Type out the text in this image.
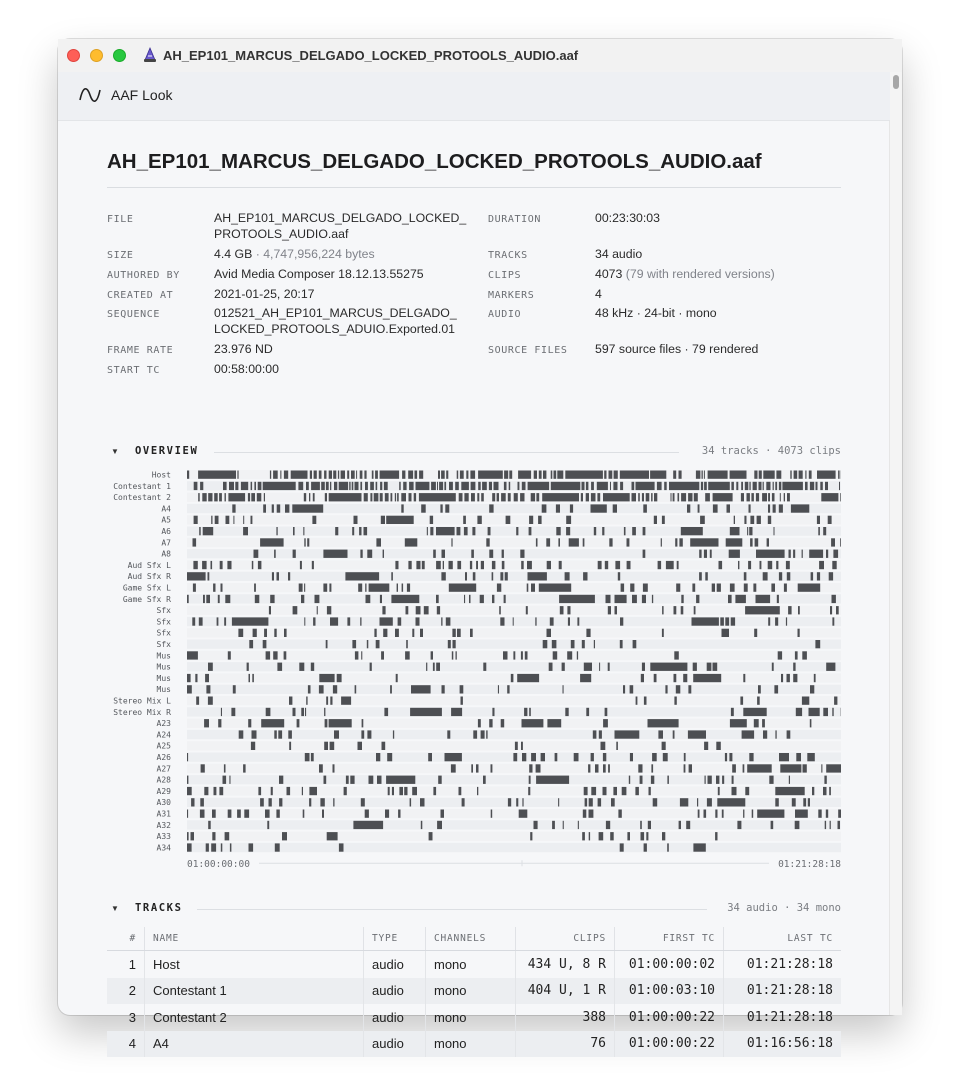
AH_EP101_MARCUS_DELGADO_LOCKED_PROTOOLS_AUDIO.aaf
AAF Look
AH_EP101_MARCUS_DELGADO_LOCKED_PROTOOLS_AUDIO.aaf
FILE	AH_EP101_MARCUS_DELGADO_LOCKED_
PROTOOLS_AUDIO.aaf
SIZE	4.4 GB · 4,747,956,224 bytes
AUTHORED BY	Avid Media Composer 18.12.13.55275
CREATED AT	2021-01-25, 20:17
SEQUENCE	012521_AH_EP101_MARCUS_DELGADO_
LOCKED_PROTOOLS_ADUIO.Exported.01
FRAME RATE	23.976 ND
START TC	00:58:00:00
DURATION	00:23:30:03
TRACKS	34 audio
CLIPS	4073 (79 with rendered versions)
MARKERS	4
AUDIO	48 kHz · 24-bit · mono
SOURCE FILES 597 source files · 79 rendered
▼ OVERVIEW	34 tracks · 4073 clips
Host
Contestant 1
Contestant 2
A4
A5
A6
A7
A8
Aud Sfx L
Aud Sfx R
Game Sfx L
Game Sfx R
Sfx
Sfx
Sfx
Sfx
Mus
Mus
Mus
Mus
Stereo Mix L
Stereo Mix R
A23
A24
A25
A26
A27
A28
A29
A30
A31
A32
A33
A34
01:00:00:00	01:21:28:18
▼ TRACKS	34 audio · 34 mono
#	NAME	TYPE	CHANNELS	CLIPS	FIRST TC	LAST TC
1	Host	audio	mono	434 U, 8 R	01:00:00:02	01:21:28:18
2	Contestant 1	audio	mono	404 U, 1 R	01:00:03:10	01:21:28:18
3	Contestant 2	audio	mono	388	01:00:00:22	01:21:28:18
4	A4	audio	mono	76	01:00:00:22	01:16:56:18
